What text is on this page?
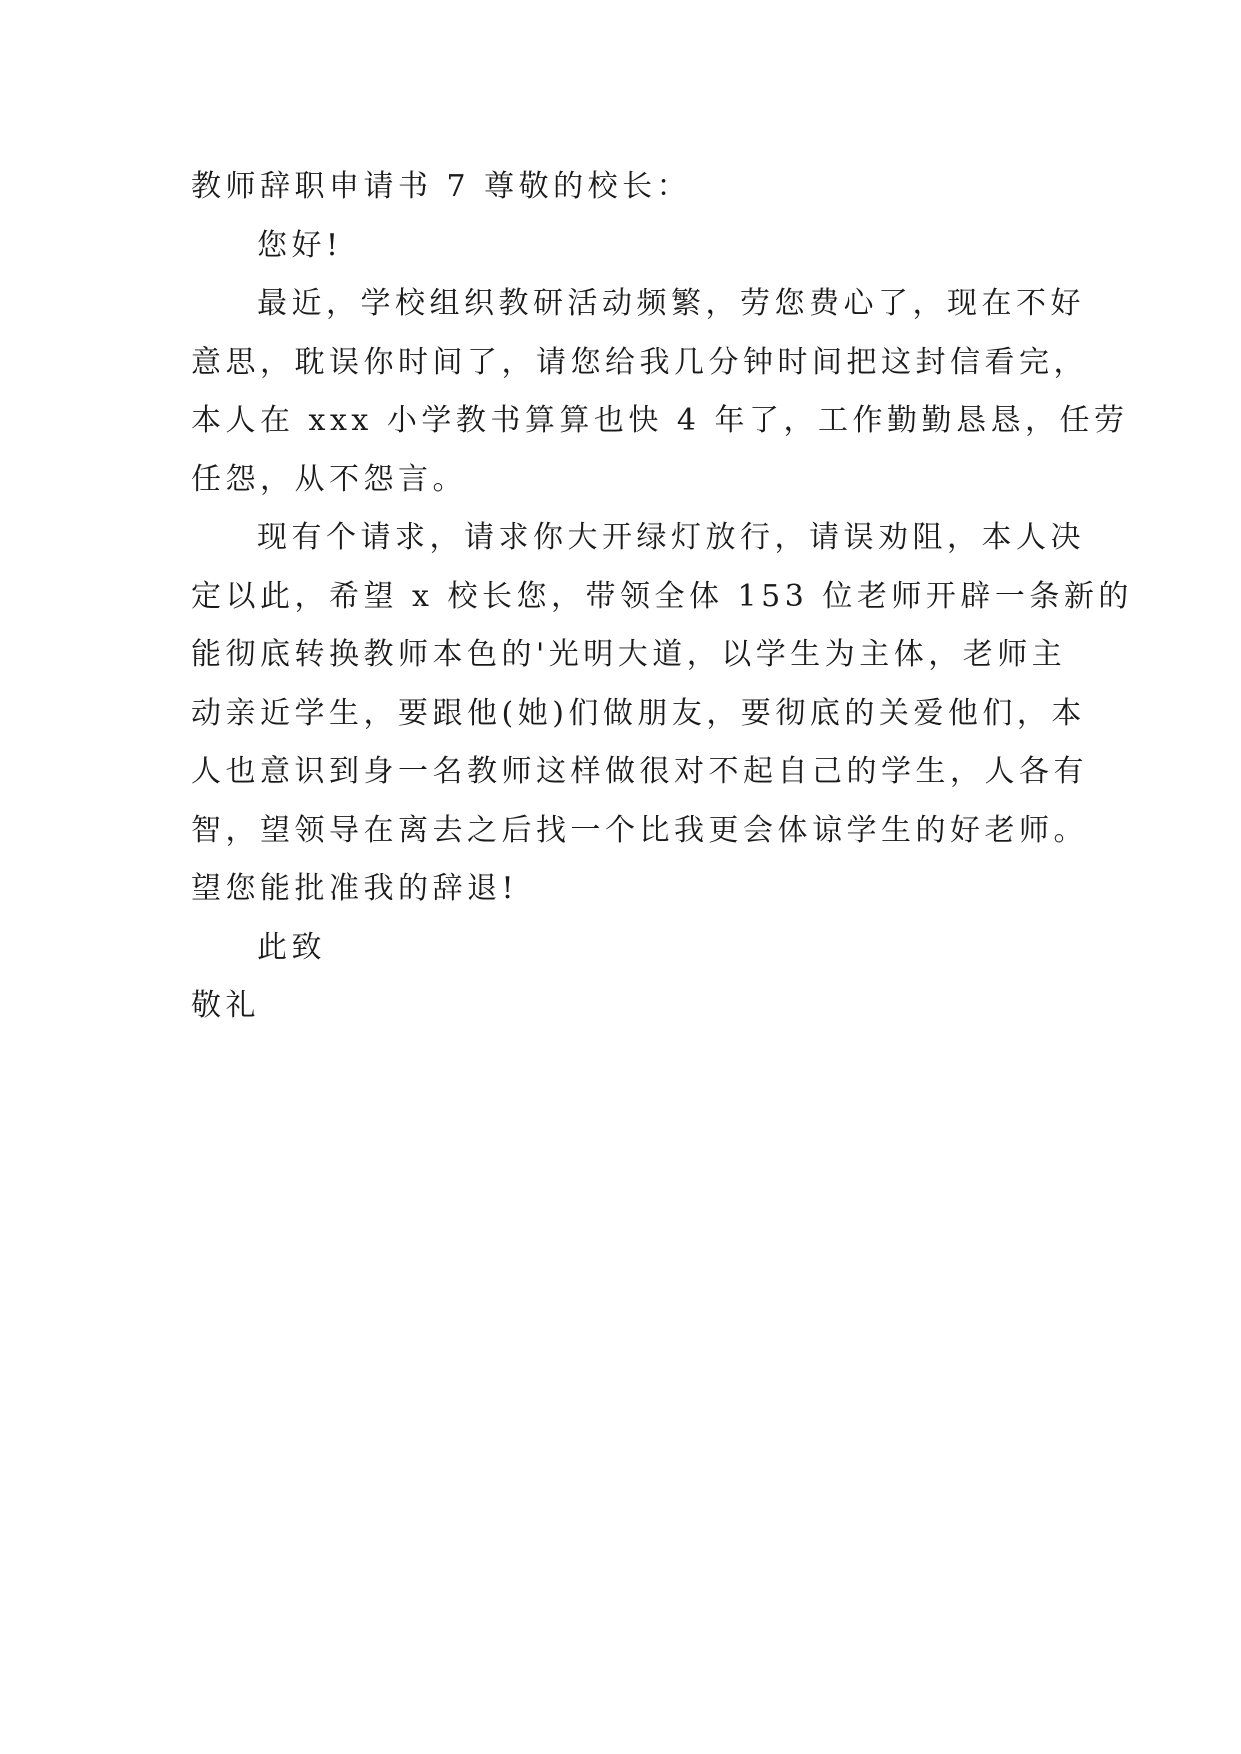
教师辞职申请书 7 尊敬的校长：
您好!
最近，学校组织教研活动频繁，劳您费心了，现在不好
意思，耽误你时间了，请您给我几分钟时间把这封信看完，
本人在 xxx 小学教书算算也快 4 年了，工作勤勤恳恳，任劳
任怨，从不怨言。
现有个请求，请求你大开绿灯放行，请误劝阻，本人决
定以此，希望 x 校长您，带领全体 153 位老师开辟一条新的
能彻底转换教师本色的'光明大道，以学生为主体，老师主
动亲近学生，要跟他(她)们做朋友，要彻底的关爱他们，本
人也意识到身一名教师这样做很对不起自己的学生，人各有
智，望领导在离去之后找一个比我更会体谅学生的好老师。
望您能批准我的辞退!
此致
敬礼
